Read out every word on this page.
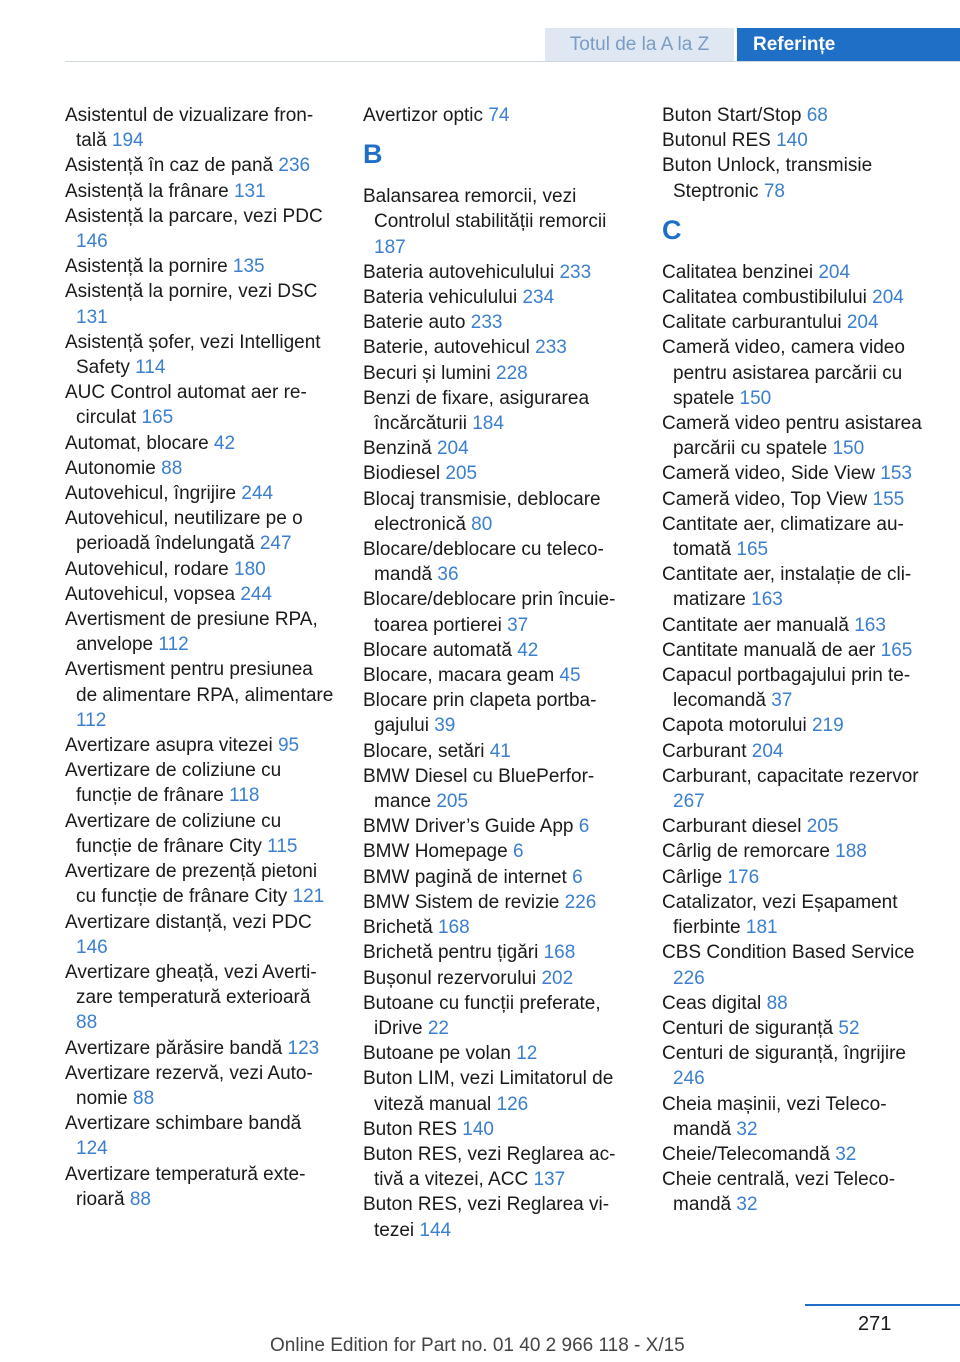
Totul de la A la Z	Referințe
Asistentul de vizualizare frontală 194
Asistență în caz de pană 236
Asistență la frânare 131
Asistență la parcare, vezi PDC 146
Asistență la pornire 135
Asistență la pornire, vezi DSC 131
Asistență șofer, vezi Intelligent Safety 114
AUC Control automat aer recirculat 165
Automat, blocare 42
Autonomie 88
Autovehicul, îngrijire 244
Autovehicul, neutilizare pe o perioadă îndelungată 247
Autovehicul, rodare 180
Autovehicul, vopsea 244
Avertisment de presiune RPA, anvelope 112
Avertisment pentru presiunea de alimentare RPA, alimentare 112
Avertizare asupra vitezei 95
Avertizare de coliziune cu funcție de frânare 118
Avertizare de coliziune cu funcție de frânare City 115
Avertizare de prezență pietoni cu funcție de frânare City 121
Avertizare distanță, vezi PDC 146
Avertizare gheață, vezi Avertizare temperatură exterioară 88
Avertizare părăsire bandă 123
Avertizare rezervă, vezi Autonomie 88
Avertizare schimbare bandă 124
Avertizare temperatură exterioară 88
Avertizor optic 74
B
Balansarea remorcii, vezi Controlul stabilității remorcii 187
Bateria autovehiculului 233
Bateria vehiculului 234
Baterie auto 233
Baterie, autovehicul 233
Becuri și lumini 228
Benzi de fixare, asigurarea încărcăturii 184
Benzină 204
Biodiesel 205
Blocaj transmisie, deblocare electronică 80
Blocare/deblocare cu telecomandă 36
Blocare/deblocare prin încuietoarea portierei 37
Blocare automată 42
Blocare, macara geam 45
Blocare prin clapeta portbagajului 39
Blocare, setări 41
BMW Diesel cu BluePerformance 205
BMW Driver’s Guide App 6
BMW Homepage 6
BMW pagină de internet 6
BMW Sistem de revizie 226
Brichetă 168
Brichetă pentru țigări 168
Bușonul rezervorului 202
Butoane cu funcții preferate, iDrive 22
Butoane pe volan 12
Buton LIM, vezi Limitatorul de viteză manual 126
Buton RES 140
Buton RES, vezi Reglarea activă a vitezei, ACC 137
Buton RES, vezi Reglarea vitezei 144
Buton Start/Stop 68
Butonul RES 140
Buton Unlock, transmisie Steptronic 78
C
Calitatea benzinei 204
Calitatea combustibilului 204
Calitate carburantului 204
Cameră video, camera video pentru asistarea parcării cu spatele 150
Cameră video pentru asistarea parcării cu spatele 150
Cameră video, Side View 153
Cameră video, Top View 155
Cantitate aer, climatizare automată 165
Cantitate aer, instalație de climatizare 163
Cantitate aer manuală 163
Cantitate manuală de aer 165
Capacul portbagajului prin telecomandă 37
Capota motorului 219
Carburant 204
Carburant, capacitate rezervor 267
Carburant diesel 205
Cârlig de remorcare 188
Cârlige 176
Catalizator, vezi Eșapament fierbinte 181
CBS Condition Based Service 226
Ceas digital 88
Centuri de siguranță 52
Centuri de siguranță, îngrijire 246
Cheia mașinii, vezi Telecomandă 32
Cheie/Telecomandă 32
Cheie centrală, vezi Telecomandă 32
271
Online Edition for Part no. 01 40 2 966 118 - X/15
